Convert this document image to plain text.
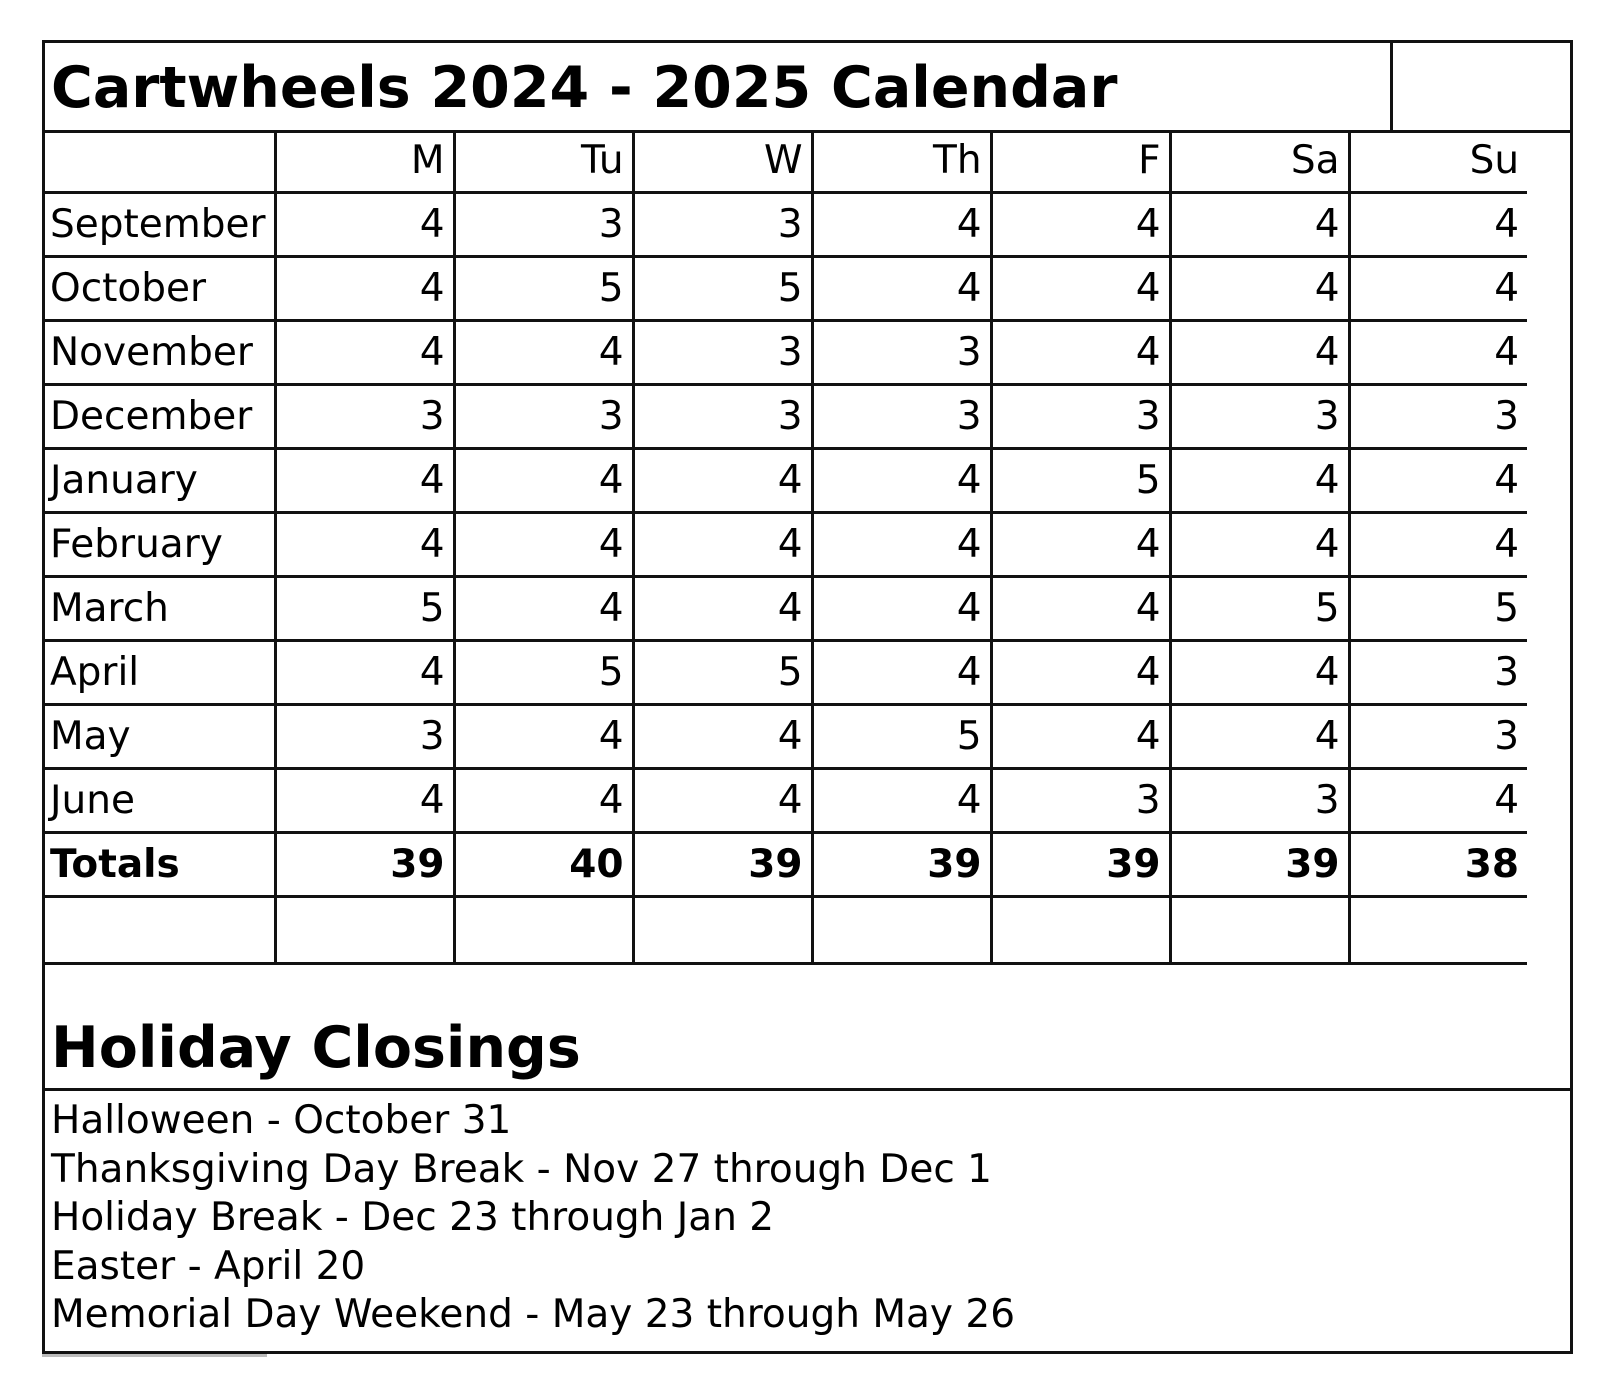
Cartwheels 2024 - 2025 Calendar
	M	Tu	W	Th	F	Sa	Su
September	4	3	3	4	4	4	4
October	4	5	5	4	4	4	4
November	4	4	3	3	4	4	4
December	3	3	3	3	3	3	3
January	4	4	4	4	5	4	4
February	4	4	4	4	4	4	4
March	5	4	4	4	4	5	5
April	4	5	5	4	4	4	3
May	3	4	4	5	4	4	3
June	4	4	4	4	3	3	4
Totals	39	40	39	39	39	39	38

Holiday Closings
Halloween - October 31
Thanksgiving Day Break - Nov 27 through Dec 1
Holiday Break - Dec 23 through Jan 2
Easter - April 20
Memorial Day Weekend - May 23 through May 26
